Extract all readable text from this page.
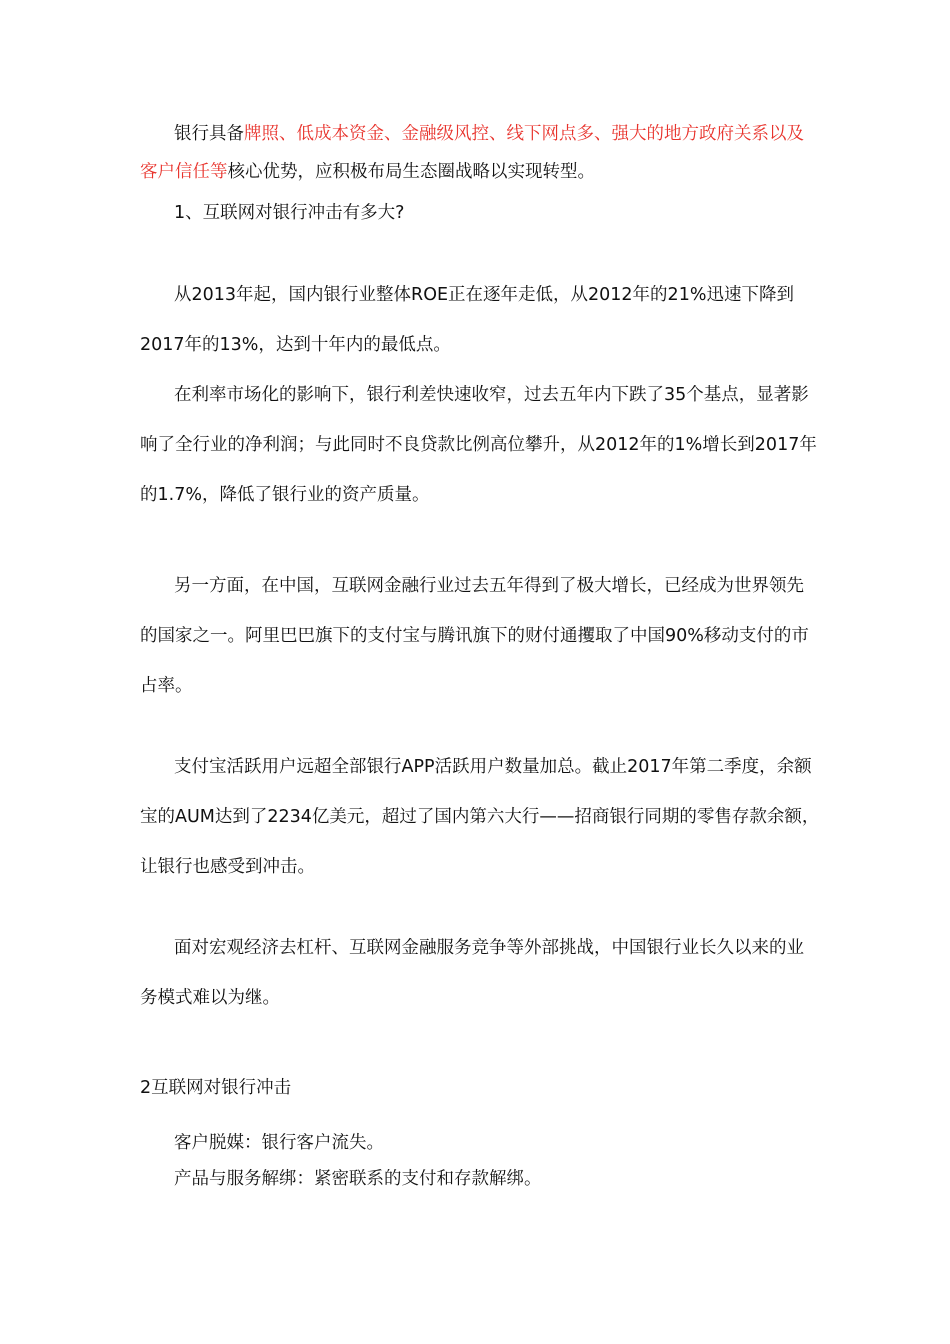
银行具备牌照、低成本资金、金融级风控、线下网点多、强大的地方政府关系以及客户信任等核心优势，应积极布局生态圈战略以实现转型。

1、互联网对银行冲击有多大?

从2013年起，国内银行业整体ROE正在逐年走低，从2012年的21%迅速下降到2017年的13%，达到十年内的最低点。

在利率市场化的影响下，银行利差快速收窄，过去五年内下跌了35个基点，显著影响了全行业的净利润；与此同时不良贷款比例高位攀升，从2012年的1%增长到2017年的1.7%，降低了银行业的资产质量。

另一方面，在中国，互联网金融行业过去五年得到了极大增长，已经成为世界领先的国家之一。阿里巴巴旗下的支付宝与腾讯旗下的财付通攫取了中国90%移动支付的市占率。

支付宝活跃用户远超全部银行APP活跃用户数量加总。截止2017年第二季度，余额宝的AUM达到了2234亿美元，超过了国内第六大行——招商银行同期的零售存款余额，让银行也感受到冲击。

面对宏观经济去杠杆、互联网金融服务竞争等外部挑战，中国银行业长久以来的业务模式难以为继。

2互联网对银行冲击

客户脱媒：银行客户流失。

产品与服务解绑：紧密联系的支付和存款解绑。
